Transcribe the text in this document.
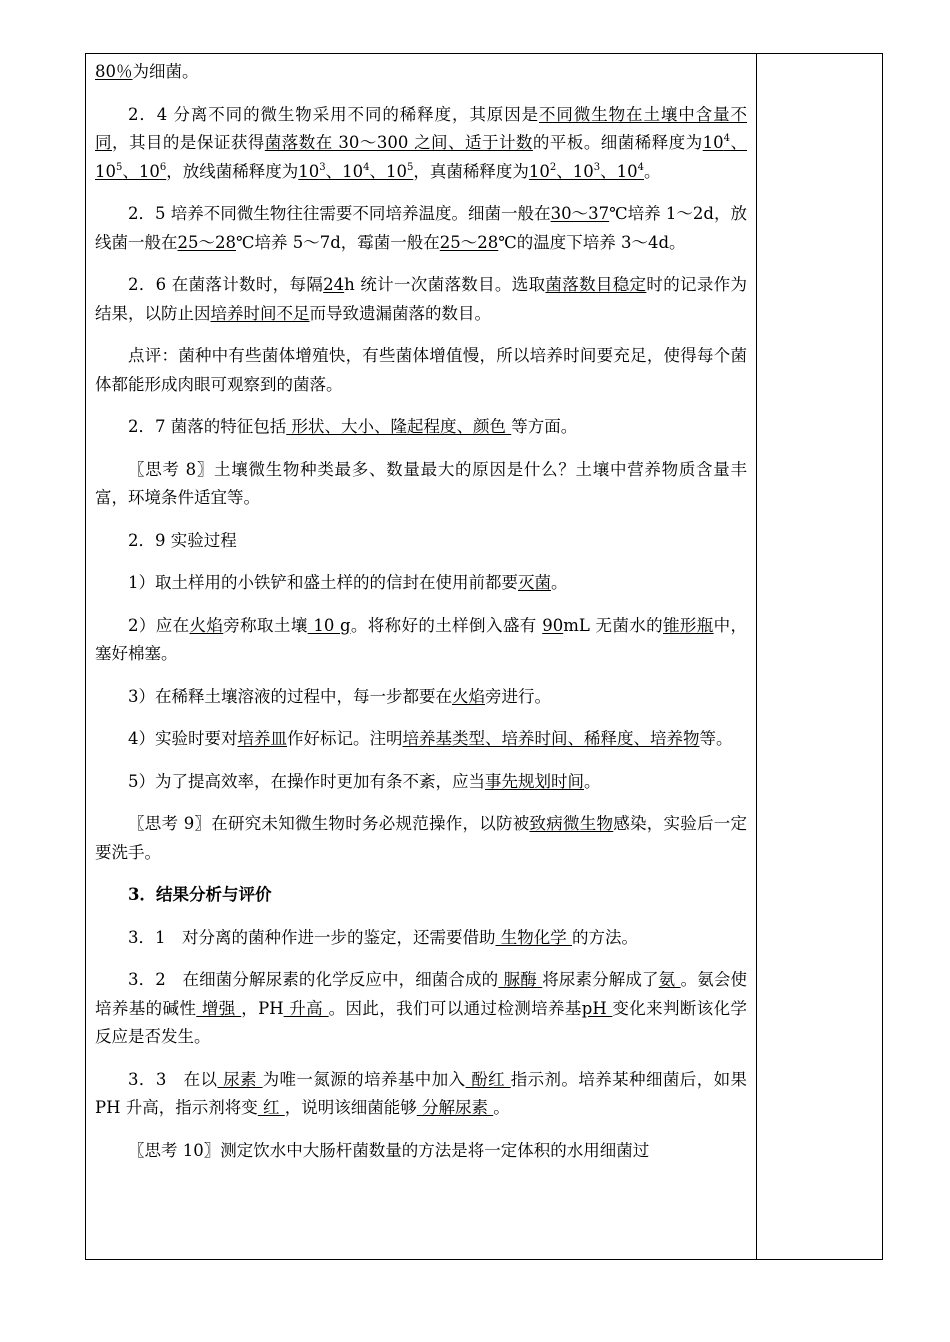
80％为细菌。

2．4 分离不同的微生物采用不同的稀释度，其原因是不同微生物在土壤中含量不同，其目的是保证获得菌落数在 30～300 之间、适于计数的平板。细菌稀释度为$10^4$、$10^5$、$10^6$，放线菌稀释度为$10^3$、$10^4$、$10^5$，真菌稀释度为$10^2$、$10^3$、$10^4$。

2．5 培养不同微生物往往需要不同培养温度。细菌一般在30～37℃培养 1～2d，放线菌一般在25～28℃培养 5～7d，霉菌一般在25～28℃的温度下培养 3～4d。

2．6 在菌落计数时，每隔24h 统计一次菌落数目。选取菌落数目稳定时的记录作为结果，以防止因培养时间不足而导致遗漏菌落的数目。

点评：菌种中有些菌体增殖快，有些菌体增值慢，所以培养时间要充足，使得每个菌体都能形成肉眼可观察到的菌落。

2．7 菌落的特征包括 形状、大小、隆起程度、颜色 等方面。

〖思考 8〗土壤微生物种类最多、数量最大的原因是什么？土壤中营养物质含量丰富，环境条件适宜等。

2．9 实验过程

1）取土样用的小铁铲和盛土样的的信封在使用前都要灭菌。

2）应在火焰旁称取土壤 10 g。将称好的土样倒入盛有 90mL 无菌水的锥形瓶中，塞好棉塞。

3）在稀释土壤溶液的过程中，每一步都要在火焰旁进行。

4）实验时要对培养皿作好标记。注明培养基类型、培养时间、稀释度、培养物等。

5）为了提高效率，在操作时更加有条不紊，应当事先规划时间。

〖思考 9〗在研究未知微生物时务必规范操作，以防被致病微生物感染，实验后一定要洗手。

3．结果分析与评价

3．1　对分离的菌种作进一步的鉴定，还需要借助 生物化学 的方法。

3．2　在细菌分解尿素的化学反应中，细菌合成的 脲酶 将尿素分解成了氨 。氨会使培养基的碱性 增强 ，PH 升高 。因此，我们可以通过检测培养基pH 变化来判断该化学反应是否发生。

3．3　在以 尿素 为唯一氮源的培养基中加入 酚红 指示剂。培养某种细菌后，如果 PH 升高，指示剂将变 红 ，说明该细菌能够 分解尿素 。

〖思考 10〗测定饮水中大肠杆菌数量的方法是将一定体积的水用细菌过
